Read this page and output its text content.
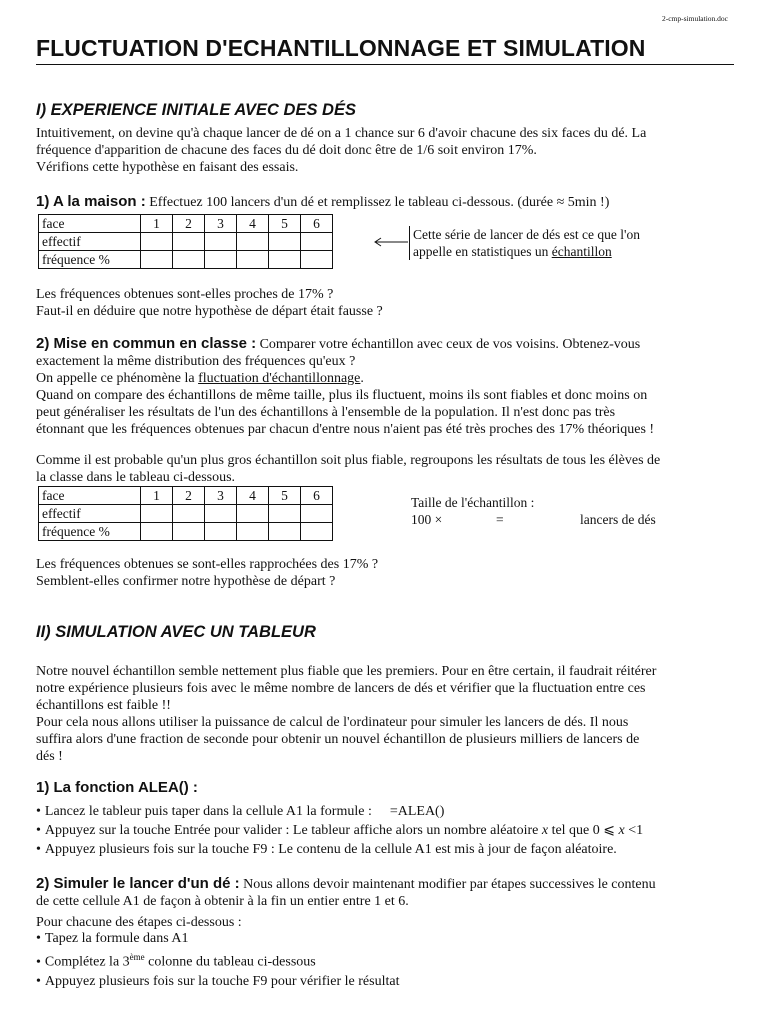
2-cmp-simulation.doc
FLUCTUATION D'ECHANTILLONNAGE ET SIMULATION
I) EXPERIENCE INITIALE AVEC DES DÉS

Intuitivement, on devine qu'à chaque lancer de dé on a 1 chance sur 6 d'avoir chacune des six faces du dé. La

fréquence d'apparition de chacune des faces du dé doit donc être de 1/6 soit environ 17%.

Vérifions cette hypothèse en faisant des essais.

1) A la maison : Effectuez 100 lancers d'un dé et remplissez le tableau ci-dessous. (durée ≈ 5min !)

face	1	2	3	4	5	6
effectif						
fréquence %						
Cette série de lancer de dés est ce que l'on
appelle en statistiques un échantillon

Les fréquences obtenues sont-elles proches de 17% ?

Faut-il en déduire que notre hypothèse de départ était fausse ?

2) Mise en commun en classe : Comparer votre échantillon avec ceux de vos voisins. Obtenez-vous

exactement la même distribution des fréquences qu'eux ?

On appelle ce phénomène la fluctuation d'échantillonnage.

Quand on compare des échantillons de même taille, plus ils fluctuent, moins ils sont fiables et donc moins on

peut généraliser les résultats de l'un des échantillons à l'ensemble de la population. Il n'est donc pas très

étonnant que les fréquences obtenues par chacun d'entre nous n'aient pas été très proches des 17% théoriques !

Comme il est probable qu'un plus gros échantillon soit plus fiable, regroupons les résultats de tous les élèves de

la classe dans le tableau ci-dessous.

face	1	2	3	4	5	6
effectif						
fréquence %						
Taille de l'échantillon :
100 ×	=	lancers de dés

Les fréquences obtenues se sont-elles rapprochées des 17% ?

Semblent-elles confirmer notre hypothèse de départ ?

II) SIMULATION AVEC UN TABLEUR

Notre nouvel échantillon semble nettement plus fiable que les premiers. Pour en être certain, il faudrait réitérer

notre expérience plusieurs fois avec le même nombre de lancers de dés et vérifier que la fluctuation entre ces

échantillons est faible !!

Pour cela nous allons utiliser la puissance de calcul de l'ordinateur pour simuler les lancers de dés. Il nous

suffira alors d'une fraction de seconde pour obtenir un nouvel échantillon de plusieurs milliers de lancers de

dés !

1) La fonction ALEA() :

• Lancez le tableur puis taper dans la cellule A1 la formule : =ALEA()
• Appuyez sur la touche Entrée pour valider : Le tableur affiche alors un nombre aléatoire x tel que 0 ⩽ x <1
• Appuyez plusieurs fois sur la touche F9 : Le contenu de la cellule A1 est mis à jour de façon aléatoire.

2) Simuler le lancer d'un dé : Nous allons devoir maintenant modifier par étapes successives le contenu

de cette cellule A1 de façon à obtenir à la fin un entier entre 1 et 6.

Pour chacune des étapes ci-dessous :

• Tapez la formule dans A1
• Complétez la 3ème colonne du tableau ci-dessous
• Appuyez plusieurs fois sur la touche F9 pour vérifier le résultat
